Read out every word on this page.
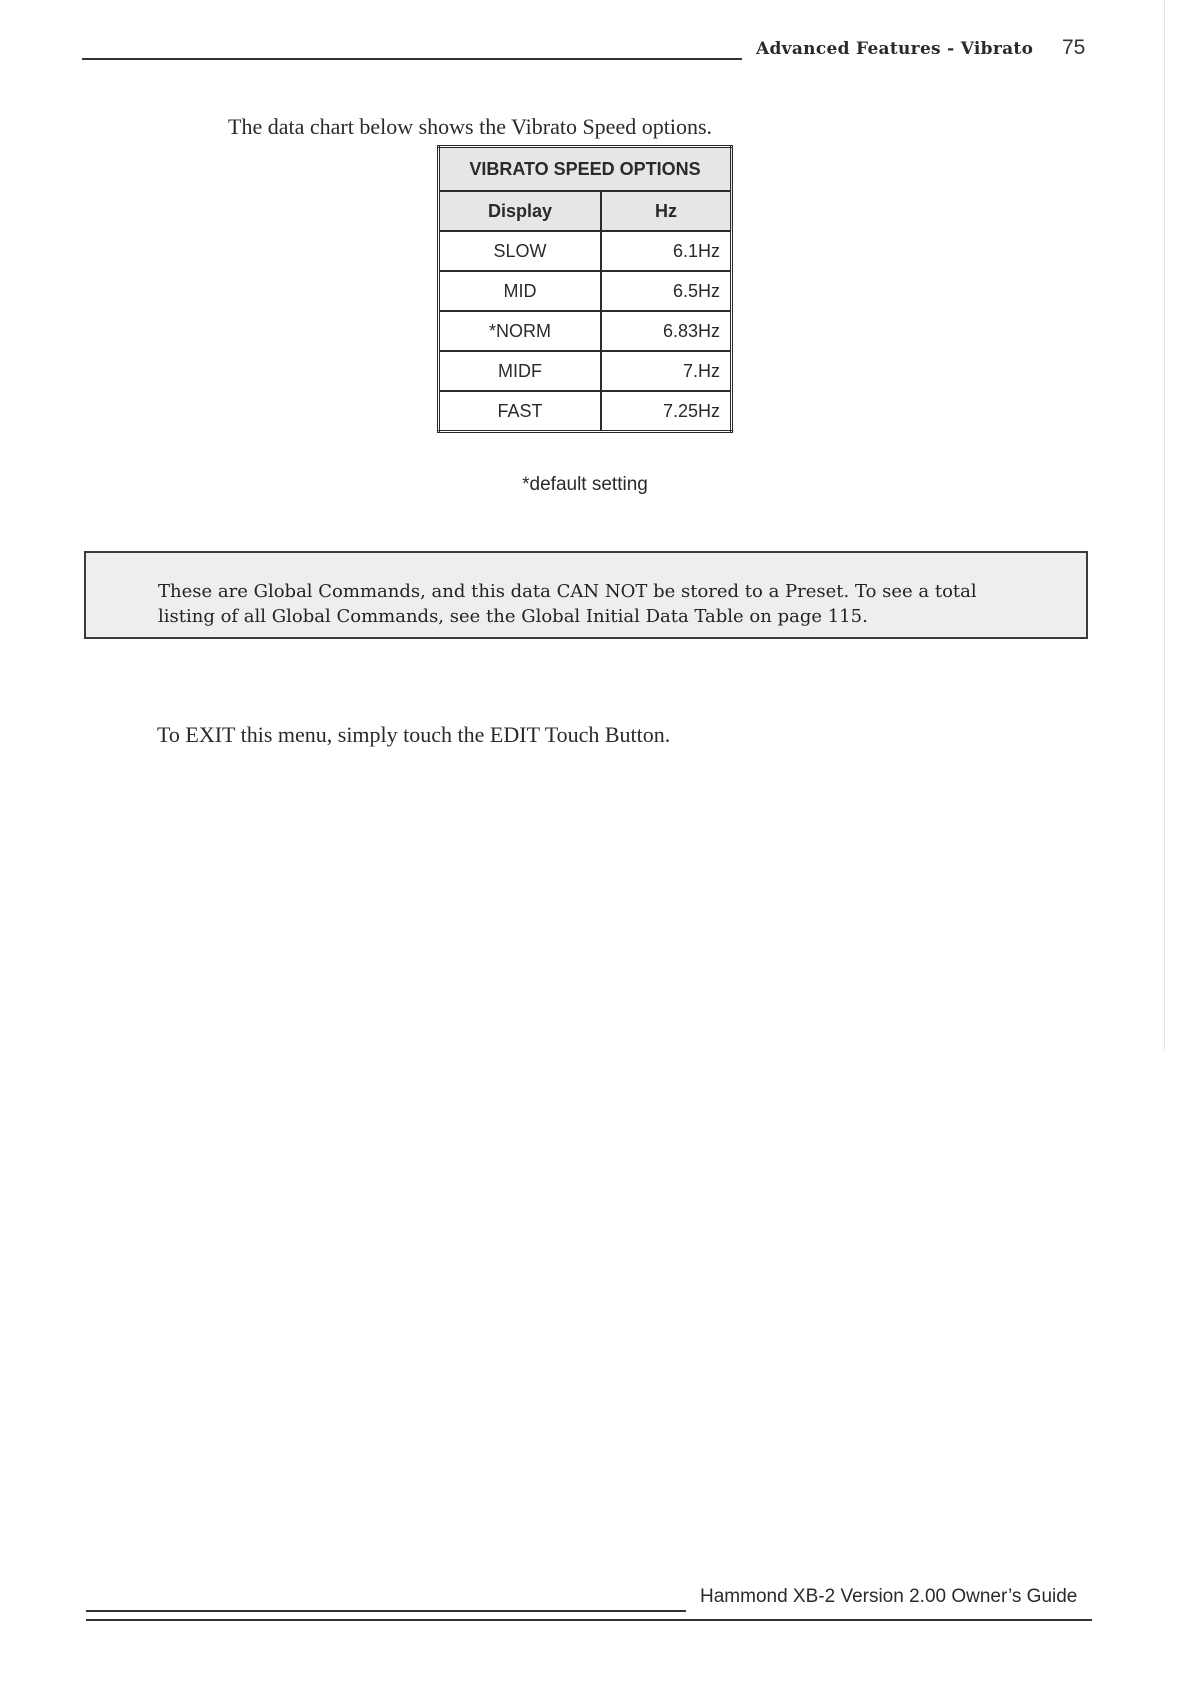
Advanced Features - Vibrato 75

The data chart below shows the Vibrato Speed options.

VIBRATO SPEED OPTIONS	
Display	Hz
SLOW	6.1Hz
MID	6.5Hz
*NORM	6.83Hz
MIDF	7.Hz
FAST	7.25Hz
*default setting
These are Global Commands, and this data CAN NOT be stored to a Preset. To see a total listing of all Global Commands, see the Global Initial Data Table on page 115.

To EXIT this menu, simply touch the EDIT Touch Button.

Hammond XB-2 Version 2.00 Owner’s Guide
